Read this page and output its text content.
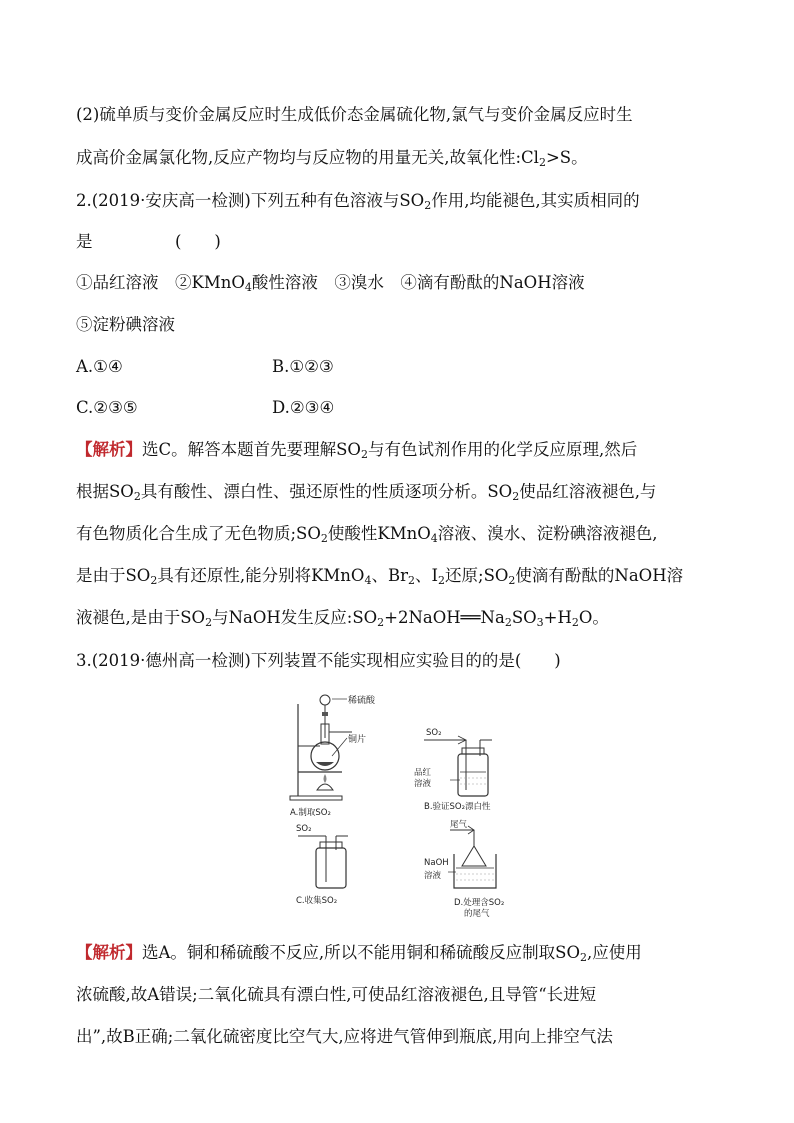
(2)硫单质与变价金属反应时生成低价态金属硫化物,氯气与变价金属反应时生
成高价金属氯化物,反应产物均与反应物的用量无关,故氧化性$:Cl_2>S$。
2.(2019·安庆高一检测)下列五种有色溶液与$SO_2$作用,均能褪色,其实质相同的
是　　　　　(　　)
①品红溶液　②KMnO$_4$酸性溶液　③溴水　④滴有酚酞的NaOH溶液
⑤淀粉碘溶液
A.①④	B.①②③
C.②③⑤	D.②③④
【解析】选C。解答本题首先要理解$SO_2$与有色试剂作用的化学反应原理,然后
根据$SO_2$具有酸性、漂白性、强还原性的性质逐项分析。$SO_2$使品红溶液褪色,与
有色物质化合生成了无色物质$;SO_2$使酸性KMnO$_4$溶液、溴水、淀粉碘溶液褪色,
是由于$SO_2$具有还原性,能分别将KMnO$_4$、$Br_2$、$I_2$还原$;SO_2$使滴有酚酞的NaOH溶
液褪色,是由于$SO_2$与NaOH发生反应$:SO_2+2NaOH══Na_2SO_3+H_2O$。
3.(2019·德州高一检测)下列装置不能实现相应实验目的的是(　　)
稀硫酸
铜片
A.制取SO₂
SO₂
品红
溶液
B.验证SO₂漂白性
SO₂
C.收集SO₂
尾气
NaOH
溶液
D.处理含SO₂
的尾气
【解析】选A。铜和稀硫酸不反应,所以不能用铜和稀硫酸反应制取$SO_2$,应使用
浓硫酸,故A错误;二氧化硫具有漂白性,可使品红溶液褪色,且导管“长进短
出”,故B正确;二氧化硫密度比空气大,应将进气管伸到瓶底,用向上排空气法
